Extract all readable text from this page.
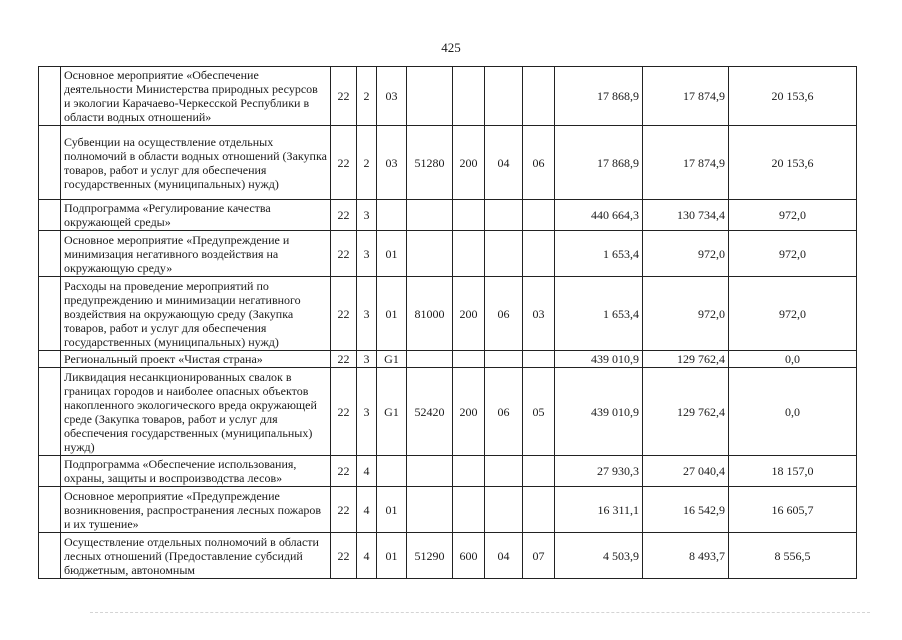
425
	Основное мероприятие «Обеспечение деятельности Министерства природных ресурсов и экологии Карачаево-Черкесской Республики в области водных отношений»	22	2	03					17 868,9	17 874,9	20 153,6
	Субвенции на осуществление отдельных полномочий в области водных отношений (Закупка товаров, работ и услуг для обеспечения государственных (муниципальных) нужд)	22	2	03	51280	200	04	06	17 868,9	17 874,9	20 153,6
	Подпрограмма «Регулирование качества окружающей среды»	22	3						440 664,3	130 734,4	972,0
	Основное мероприятие «Предупреждение и минимизация негативного воздействия на окружающую среду»	22	3	01					1 653,4	972,0	972,0
	Расходы на проведение мероприятий по предупреждению и минимизации негативного воздействия на окружающую среду (Закупка товаров, работ и услуг для обеспечения государственных (муниципальных) нужд)	22	3	01	81000	200	06	03	1 653,4	972,0	972,0
	Региональный проект «Чистая страна»	22	3	G1					439 010,9	129 762,4	0,0
	Ликвидация несанкционированных свалок в границах городов и наиболее опасных объектов накопленного экологического вреда окружающей среде (Закупка товаров, работ и услуг для обеспечения государственных (муниципальных) нужд)	22	3	G1	52420	200	06	05	439 010,9	129 762,4	0,0
	Подпрограмма «Обеспечение использования, охраны, защиты и воспроизводства лесов»	22	4						27 930,3	27 040,4	18 157,0
	Основное мероприятие «Предупреждение возникновения, распространения лесных пожаров и их тушение»	22	4	01					16 311,1	16 542,9	16 605,7
	Осуществление отдельных полномочий в области лесных отношений (Предоставление субсидий бюджетным, автономным	22	4	01	51290	600	04	07	4 503,9	8 493,7	8 556,5
